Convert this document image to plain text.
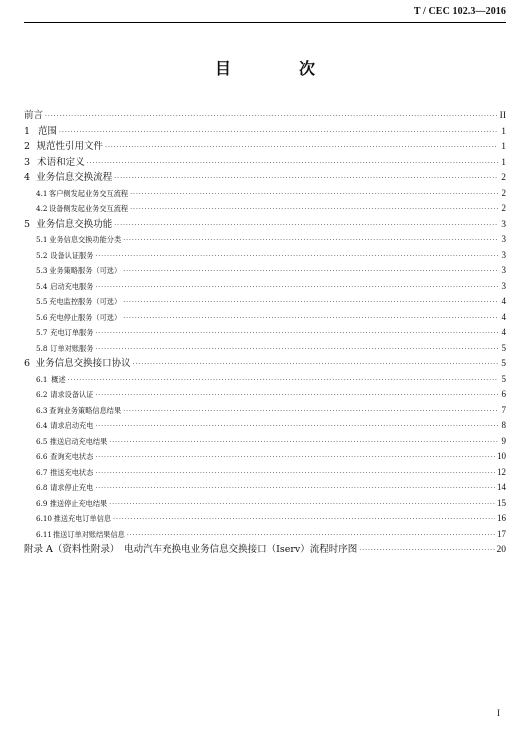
T / CEC 102.3—2016
目　次
前言 ·····	II
1 范围 ·····	1
2 规范性引用文件 ·····	1
3 术语和定义 ·····	1
4 业务信息交换流程 ·····	2
4.1 客户侧发起业务交互流程 ·····	2
4.2 设备侧发起业务交互流程 ·····	2
5 业务信息交换功能 ·····	3
5.1 业务信息交换功能分类 ·····	3
5.2 设备认证服务 ·····	3
5.3 业务策略服务（可选） ·····	3
5.4 启动充电服务 ·····	3
5.5 充电监控服务（可选） ·····	4
5.6 充电停止服务（可选） ·····	4
5.7 充电订单服务 ·····	4
5.8 订单对账服务 ·····	5
6 业务信息交换接口协议 ·····	5
6.1 概述 ·····	5
6.2 请求设备认证 ·····	6
6.3 查询业务策略信息结果 ·····	7
6.4 请求启动充电 ·····	8
6.5 推送启动充电结果 ·····	9
6.6 查询充电状态 ·····	10
6.7 推送充电状态 ·····	12
6.8 请求停止充电 ·····	14
6.9 推送停止充电结果 ·····	15
6.10 推送充电订单信息 ·····	16
6.11 推送订单对账结果信息 ·····	17
附录 A（资料性附录）　电动汽车充换电业务信息交换接口（Iserv）流程时序图 ·····	20
I
